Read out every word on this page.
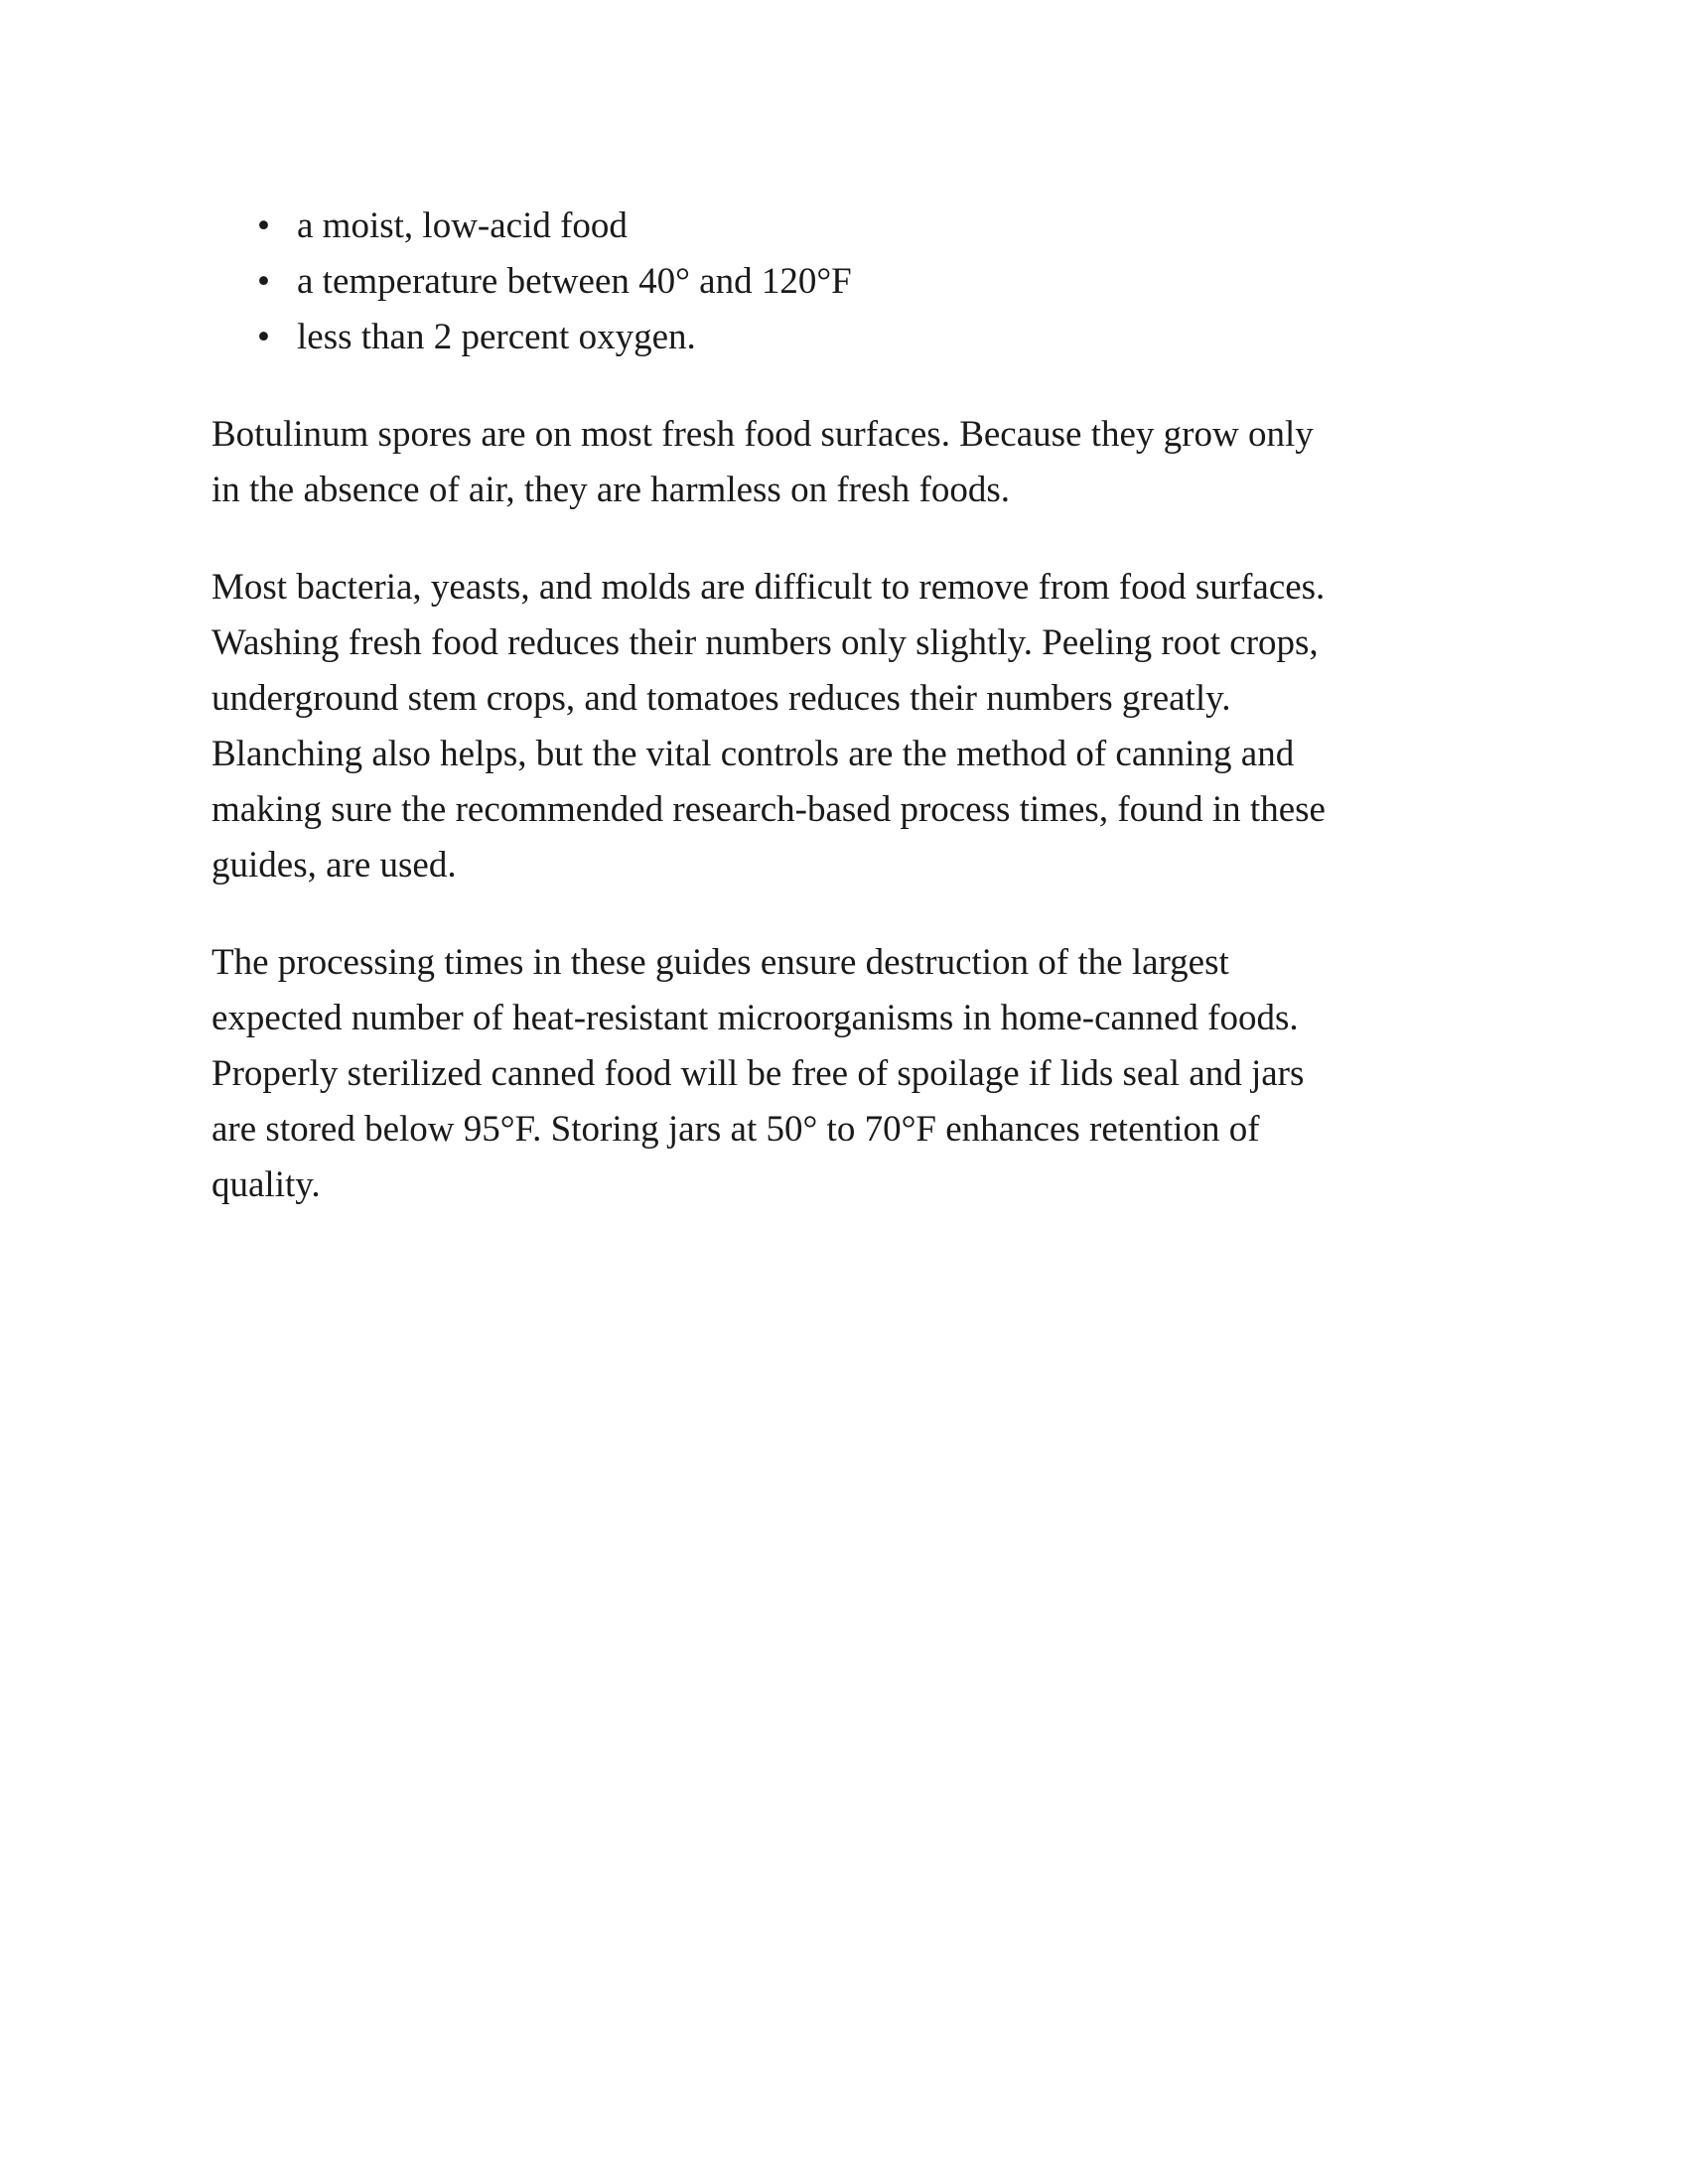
• a moist, low-acid food
• a temperature between 40° and 120°F
• less than 2 percent oxygen.

Botulinum spores are on most fresh food surfaces. Because they grow only
in the absence of air, they are harmless on fresh foods.

Most bacteria, yeasts, and molds are difficult to remove from food surfaces.
Washing fresh food reduces their numbers only slightly. Peeling root crops,
underground stem crops, and tomatoes reduces their numbers greatly.
Blanching also helps, but the vital controls are the method of canning and
making sure the recommended research-based process times, found in these
guides, are used.

The processing times in these guides ensure destruction of the largest
expected number of heat-resistant microorganisms in home-canned foods.
Properly sterilized canned food will be free of spoilage if lids seal and jars
are stored below 95°F. Storing jars at 50° to 70°F enhances retention of
quality.
